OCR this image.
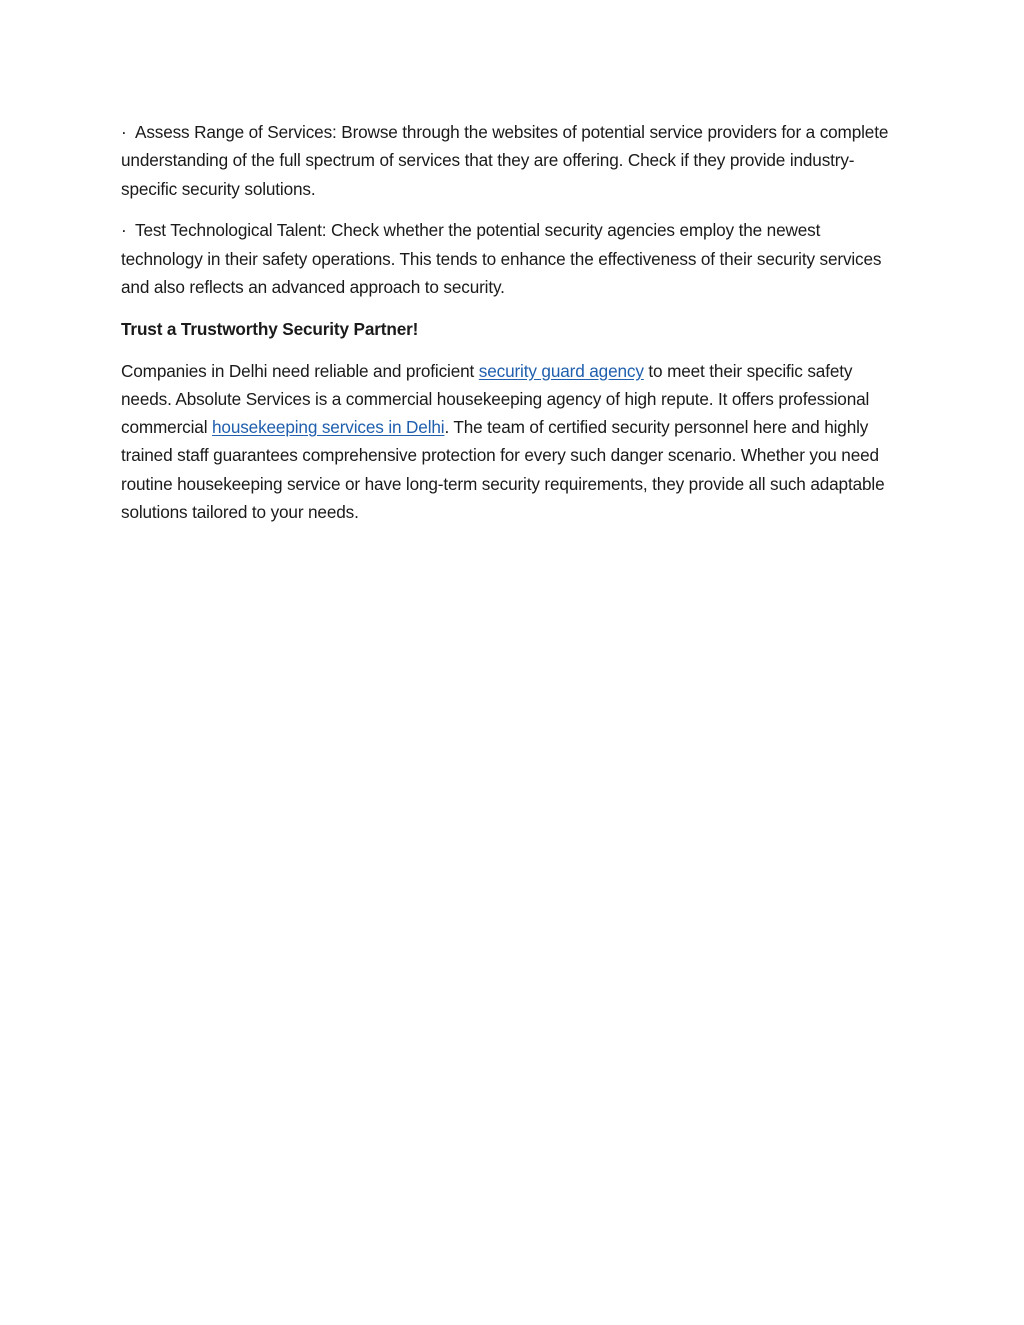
· Assess Range of Services: Browse through the websites of potential service providers for a complete understanding of the full spectrum of services that they are offering. Check if they provide industry-specific security solutions.

· Test Technological Talent: Check whether the potential security agencies employ the newest technology in their safety operations. This tends to enhance the effectiveness of their security services and also reflects an advanced approach to security.

Trust a Trustworthy Security Partner!

Companies in Delhi need reliable and proficient security guard agency to meet their specific safety needs. Absolute Services is a commercial housekeeping agency of high repute. It offers professional commercial housekeeping services in Delhi. The team of certified security personnel here and highly trained staff guarantees comprehensive protection for every such danger scenario. Whether you need routine housekeeping service or have long-term security requirements, they provide all such adaptable solutions tailored to your needs.
